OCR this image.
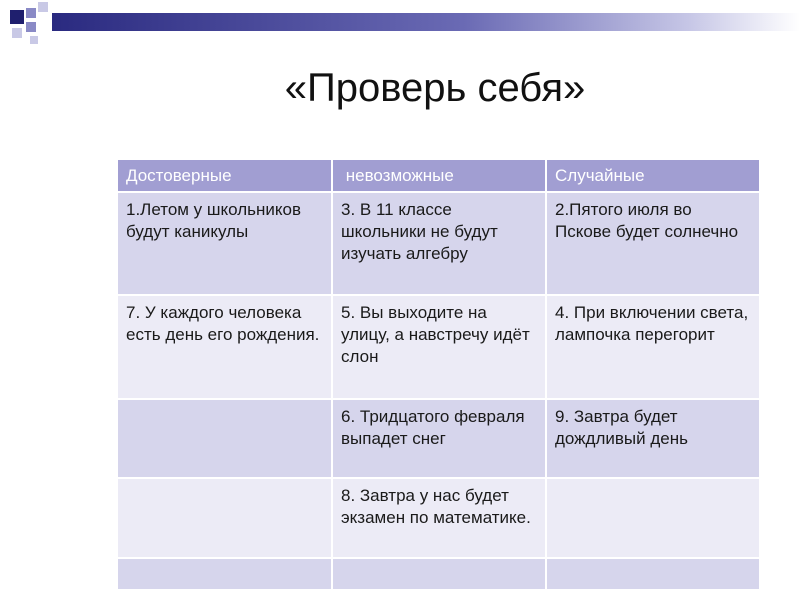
«Проверь себя»
Достоверные	невозможные	Случайные
1.Летом у школьников будут каникулы	3. В 11 классе школьники не будут изучать алгебру	2.Пятого июля во Пскове будет солнечно
7. У каждого человека есть день его рождения.	5. Вы выходите на улицу, а навстречу идёт слон	4. При включении света, лампочка перегорит
	6. Тридцатого февраля выпадет снег	9. Завтра будет дождливый день
	8. Завтра у нас будет экзамен по математике.	
